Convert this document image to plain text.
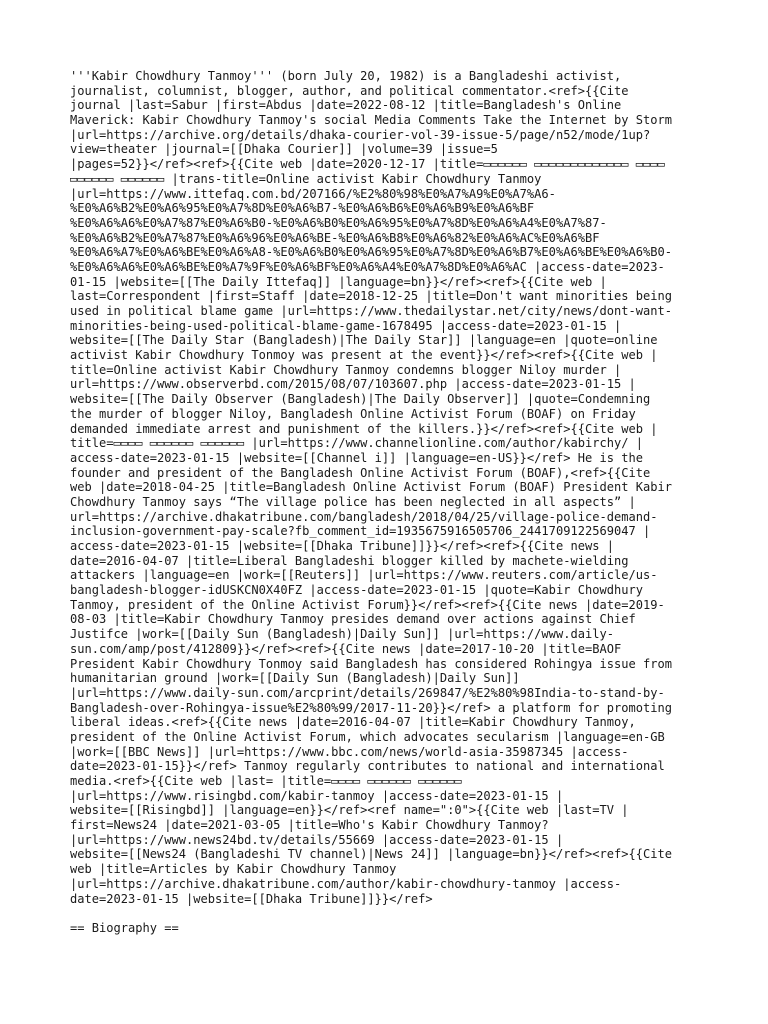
'''Kabir Chowdhury Tanmoy''' (born July 20, 1982) is a Bangladeshi activist,
journalist, columnist, blogger, author, and political commentator.<ref>{{Cite
journal |last=Sabur |first=Abdus |date=2022-08-12 |title=Bangladesh's Online
Maverick: Kabir Chowdhury Tanmoy's social Media Comments Take the Internet by Storm
|url=https://archive.org/details/dhaka-courier-vol-39-issue-5/page/n52/mode/1up?
view=theater |journal=[[Dhaka Courier]] |volume=39 |issue=5
|pages=52}}</ref><ref>{{Cite web |date=2020-12-17 |title=▭▭▭▭▭▭ ▭▭▭▭▭▭▭▭▭▭▭▭▭ ▭▭▭▭
▭▭▭▭▭▭ ▭▭▭▭▭▭ |trans-title=Online activist Kabir Chowdhury Tanmoy
|url=https://www.ittefaq.com.bd/207166/%E2%80%98%E0%A7%A9%E0%A7%A6-
%E0%A6%B2%E0%A6%95%E0%A7%8D%E0%A6%B7-%E0%A6%B6%E0%A6%B9%E0%A6%BF
%E0%A6%A6%E0%A7%87%E0%A6%B0-%E0%A6%B0%E0%A6%95%E0%A7%8D%E0%A6%A4%E0%A7%87-
%E0%A6%B2%E0%A7%87%E0%A6%96%E0%A6%BE-%E0%A6%B8%E0%A6%82%E0%A6%AC%E0%A6%BF
%E0%A6%A7%E0%A6%BE%E0%A6%A8-%E0%A6%B0%E0%A6%95%E0%A7%8D%E0%A6%B7%E0%A6%BE%E0%A6%B0-
%E0%A6%A6%E0%A6%BE%E0%A7%9F%E0%A6%BF%E0%A6%A4%E0%A7%8D%E0%A6%AC |access-date=2023-
01-15 |website=[[The Daily Ittefaq]] |language=bn}}</ref><ref>{{Cite web |
last=Correspondent |first=Staff |date=2018-12-25 |title=Don't want minorities being
used in political blame game |url=https://www.thedailystar.net/city/news/dont-want-
minorities-being-used-political-blame-game-1678495 |access-date=2023-01-15 |
website=[[The Daily Star (Bangladesh)|The Daily Star]] |language=en |quote=online
activist Kabir Chowdhury Tonmoy was present at the event}}</ref><ref>{{Cite web |
title=Online activist Kabir Chowdhury Tanmoy condemns blogger Niloy murder |
url=https://www.observerbd.com/2015/08/07/103607.php |access-date=2023-01-15 |
website=[[The Daily Observer (Bangladesh)|The Daily Observer]] |quote=Condemning
the murder of blogger Niloy, Bangladesh Online Activist Forum (BOAF) on Friday
demanded immediate arrest and punishment of the killers.}}</ref><ref>{{Cite web |
title=▭▭▭▭ ▭▭▭▭▭▭ ▭▭▭▭▭▭ |url=https://www.channelionline.com/author/kabirchy/ |
access-date=2023-01-15 |website=[[Channel i]] |language=en-US}}</ref> He is the
founder and president of the Bangladesh Online Activist Forum (BOAF),<ref>{{Cite
web |date=2018-04-25 |title=Bangladesh Online Activist Forum (BOAF) President Kabir
Chowdhury Tanmoy says “The village police has been neglected in all aspects” |
url=https://archive.dhakatribune.com/bangladesh/2018/04/25/village-police-demand-
inclusion-government-pay-scale?fb_comment_id=1935675916505706_2441709122569047 |
access-date=2023-01-15 |website=[[Dhaka Tribune]]}}</ref><ref>{{Cite news |
date=2016-04-07 |title=Liberal Bangladeshi blogger killed by machete-wielding
attackers |language=en |work=[[Reuters]] |url=https://www.reuters.com/article/us-
bangladesh-blogger-idUSKCN0X40FZ |access-date=2023-01-15 |quote=Kabir Chowdhury
Tanmoy, president of the Online Activist Forum}}</ref><ref>{{Cite news |date=2019-
08-03 |title=Kabir Chowdhury Tanmoy presides demand over actions against Chief
Justifce |work=[[Daily Sun (Bangladesh)|Daily Sun]] |url=https://www.daily-
sun.com/amp/post/412809}}</ref><ref>{{Cite news |date=2017-10-20 |title=BAOF
President Kabir Chowdhury Tonmoy said Bangladesh has considered Rohingya issue from
humanitarian ground |work=[[Daily Sun (Bangladesh)|Daily Sun]]
|url=https://www.daily-sun.com/arcprint/details/269847/%E2%80%98India-to-stand-by-
Bangladesh-over-Rohingya-issue%E2%80%99/2017-11-20}}</ref> a platform for promoting
liberal ideas.<ref>{{Cite news |date=2016-04-07 |title=Kabir Chowdhury Tanmoy,
president of the Online Activist Forum, which advocates secularism |language=en-GB
|work=[[BBC News]] |url=https://www.bbc.com/news/world-asia-35987345 |access-
date=2023-01-15}}</ref> Tanmoy regularly contributes to national and international
media.<ref>{{Cite web |last= |title=▭▭▭▭ ▭▭▭▭▭▭ ▭▭▭▭▭▭
|url=https://www.risingbd.com/kabir-tanmoy |access-date=2023-01-15 |
website=[[Risingbd]] |language=en}}</ref><ref name=":0">{{Cite web |last=TV |
first=News24 |date=2021-03-05 |title=Who's Kabir Chowdhury Tanmoy?
|url=https://www.news24bd.tv/details/55669 |access-date=2023-01-15 |
website=[[News24 (Bangladeshi TV channel)|News 24]] |language=bn}}</ref><ref>{{Cite
web |title=Articles by Kabir Chowdhury Tanmoy
|url=https://archive.dhakatribune.com/author/kabir-chowdhury-tanmoy |access-
date=2023-01-15 |website=[[Dhaka Tribune]]}}</ref>
== Biography ==
